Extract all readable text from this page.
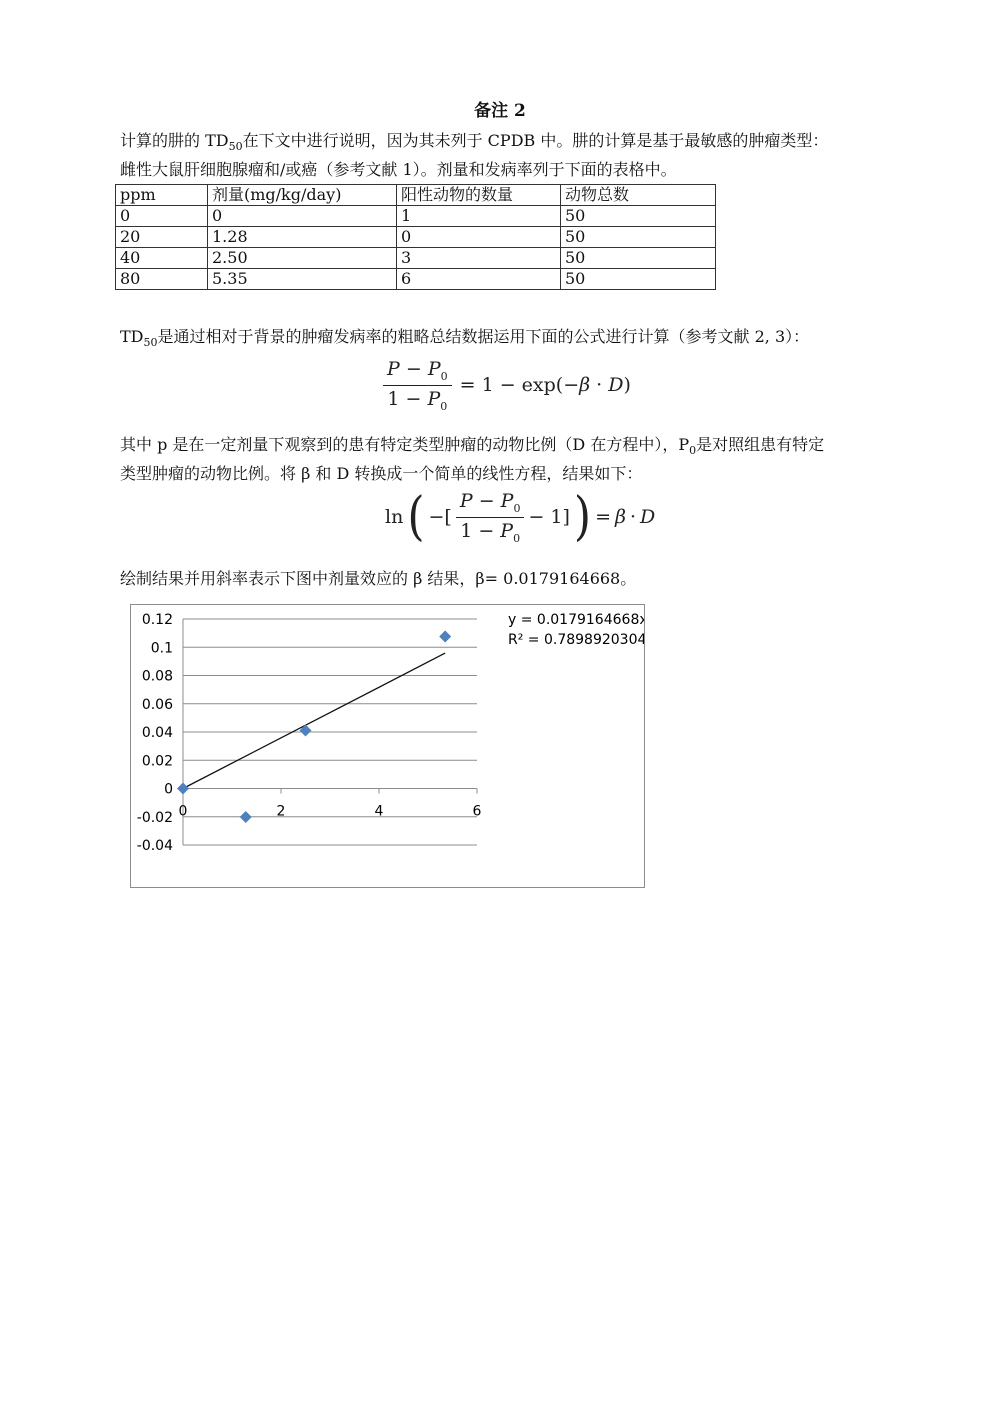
备注 2
计算的肼的 $TD_{50}$在下文中进行说明，因为其未列于 CPDB 中。肼的计算是基于最敏感的肿瘤类型：
雌性大鼠肝细胞腺瘤和/或癌（参考文献 1）。剂量和发病率列于下面的表格中。
ppm	剂量(mg/kg/day)	阳性动物的数量	动物总数
0	0	1	50
20	1.28	0	50
40	2.50	3	50
80	5.35	6	50
$TD_{50}$是通过相对于背景的肿瘤发病率的粗略总结数据运用下面的公式进行计算（参考文献 2, 3）：
$\frac{P - P_0}{1 - P_0} = 1 - \exp(-\beta \cdot D)$
其中 p 是在一定剂量下观察到的患有特定类型肿瘤的动物比例（D 在方程中），$P_0$是对照组患有特定
类型肿瘤的动物比例。将 β 和 D 转换成一个简单的线性方程，结果如下：
ln ( −[ $\frac{P - P_0}{1 - P_0} - 1$] ) = β · D
绘制结果并用斜率表示下图中剂量效应的 β 结果，β= 0.0179164668。
0.12
0.1
0.08
0.06
0.04
0.02
0
-0.02
-0.04
0	2	4	6
y = 0.0179164668x
R² = 0.7898920304
